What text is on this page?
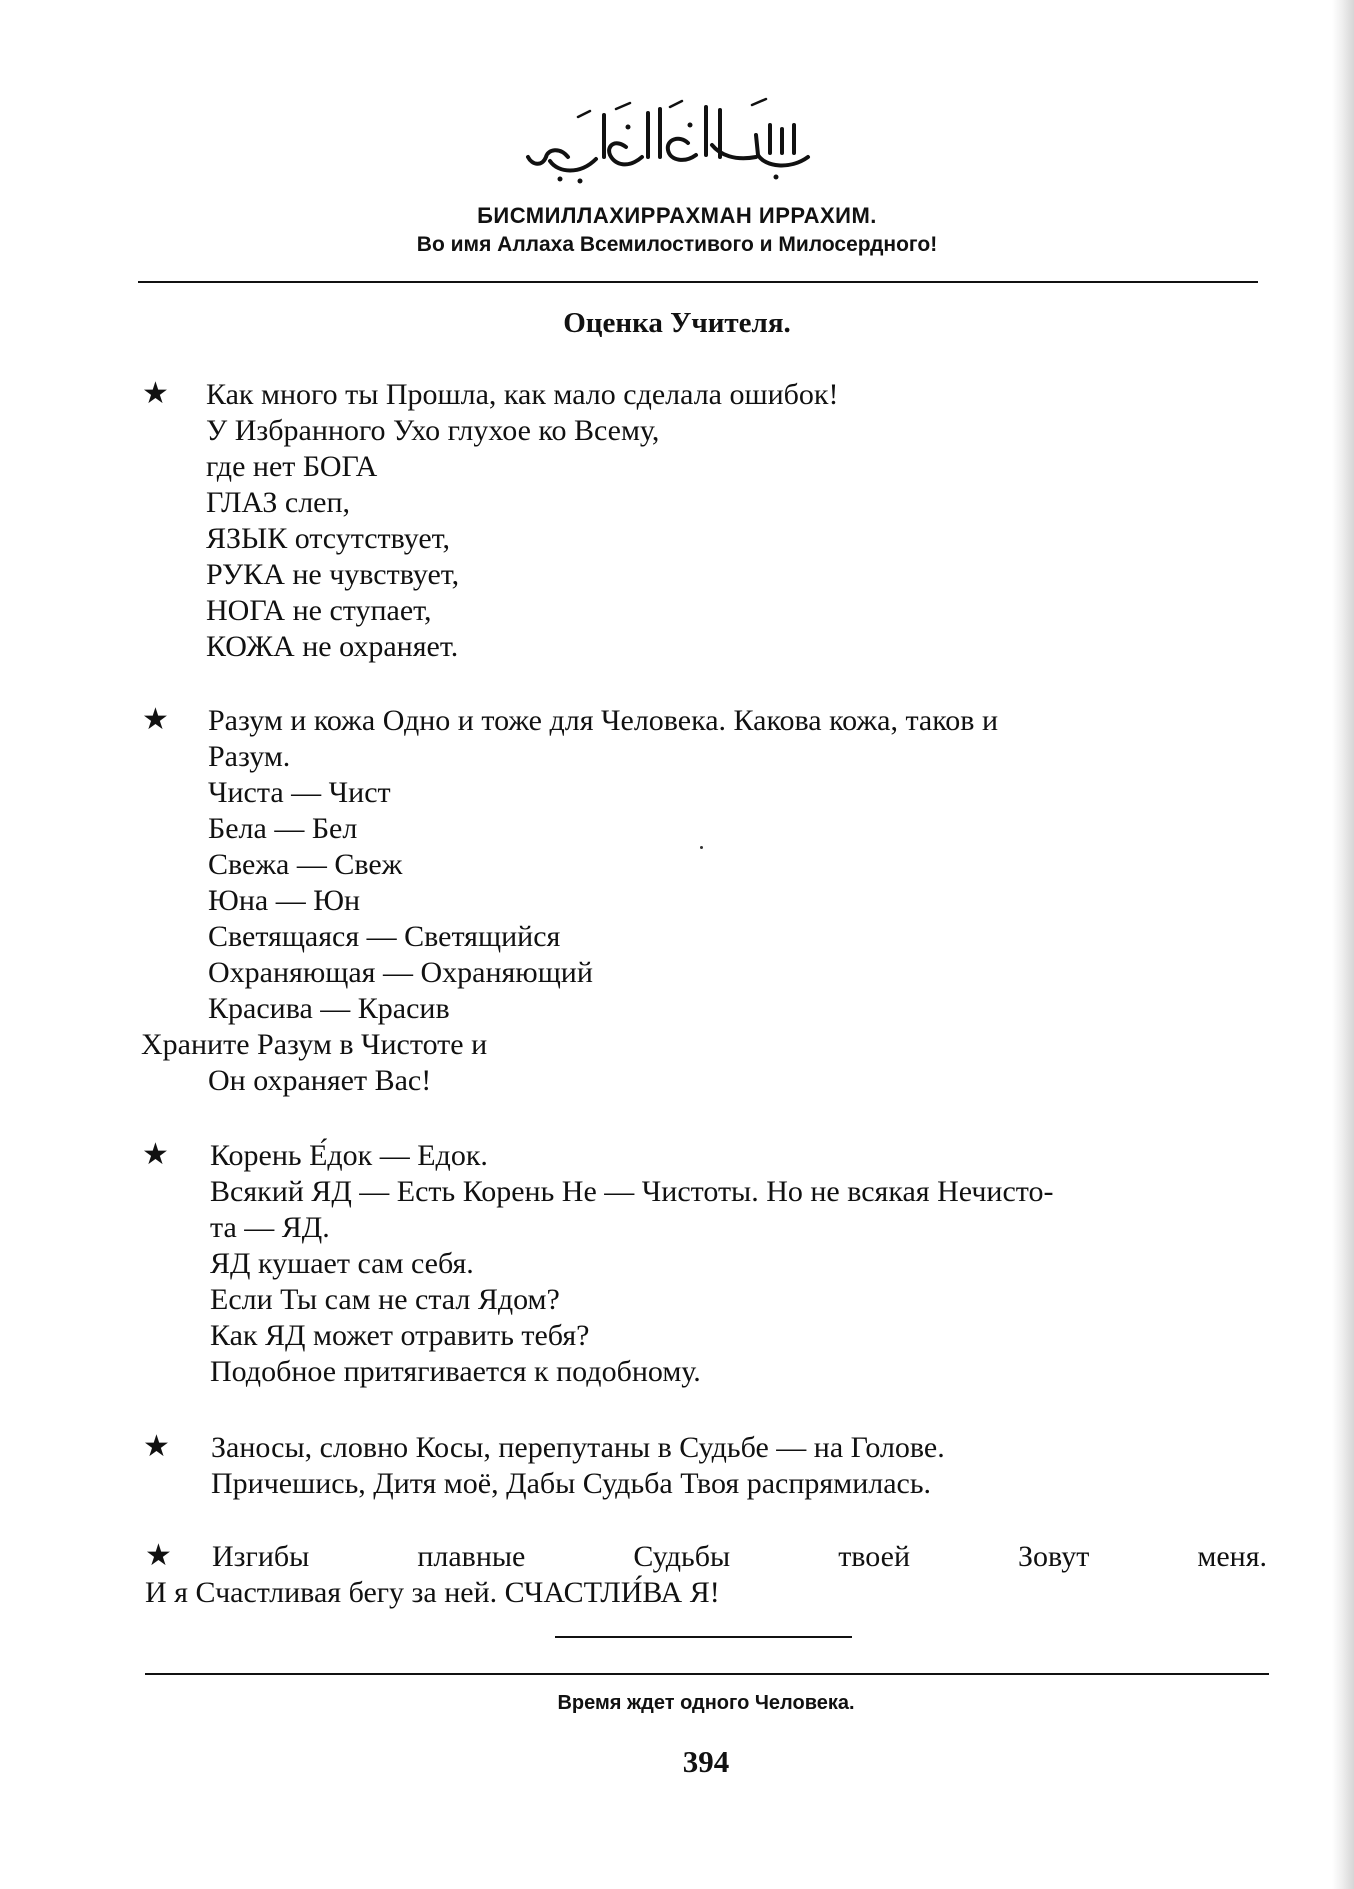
БИСМИЛЛАХИРРАХМАН ИРРАХИМ.
Во имя Аллаха Всемилостивого и Милосердного!
Оценка Учителя.
★ Как много ты Прошла, как мало сделала ошибок!
У Избранного Ухо глухое ко Всему,
где нет БОГА
ГЛАЗ слеп,
ЯЗЫК отсутствует,
РУКА не чувствует,
НОГА не ступает,
КОЖА не охраняет.
★ Разум и кожа Одно и тоже для Человека. Какова кожа, таков и
Разум.
Чиста — Чист
Бела — Бел
Свежа — Свеж
Юна — Юн
Светящаяся — Светящийся
Охраняющая — Охраняющий
Красива — Красив
Храните Разум в Чистоте и
Он охраняет Вас!
★ Корень Е́док — Едок.
Всякий ЯД — Есть Корень Не — Чистоты. Но не всякая Нечисто-
та — ЯД.
ЯД кушает сам себя.
Если Ты сам не стал Ядом?
Как ЯД может отравить тебя?
Подобное притягивается к подобному.
★ Заносы, словно Косы, перепутаны в Судьбе — на Голове.
Причешись, Дитя моё, Дабы Судьба Твоя распрямилась.
★ Изгибы	плавные	Судьбы	твоей	Зовут	меня.
И я Счастливая бегу за ней. СЧАСТЛИ́ВА Я!
Время ждет одного Человека.
394
